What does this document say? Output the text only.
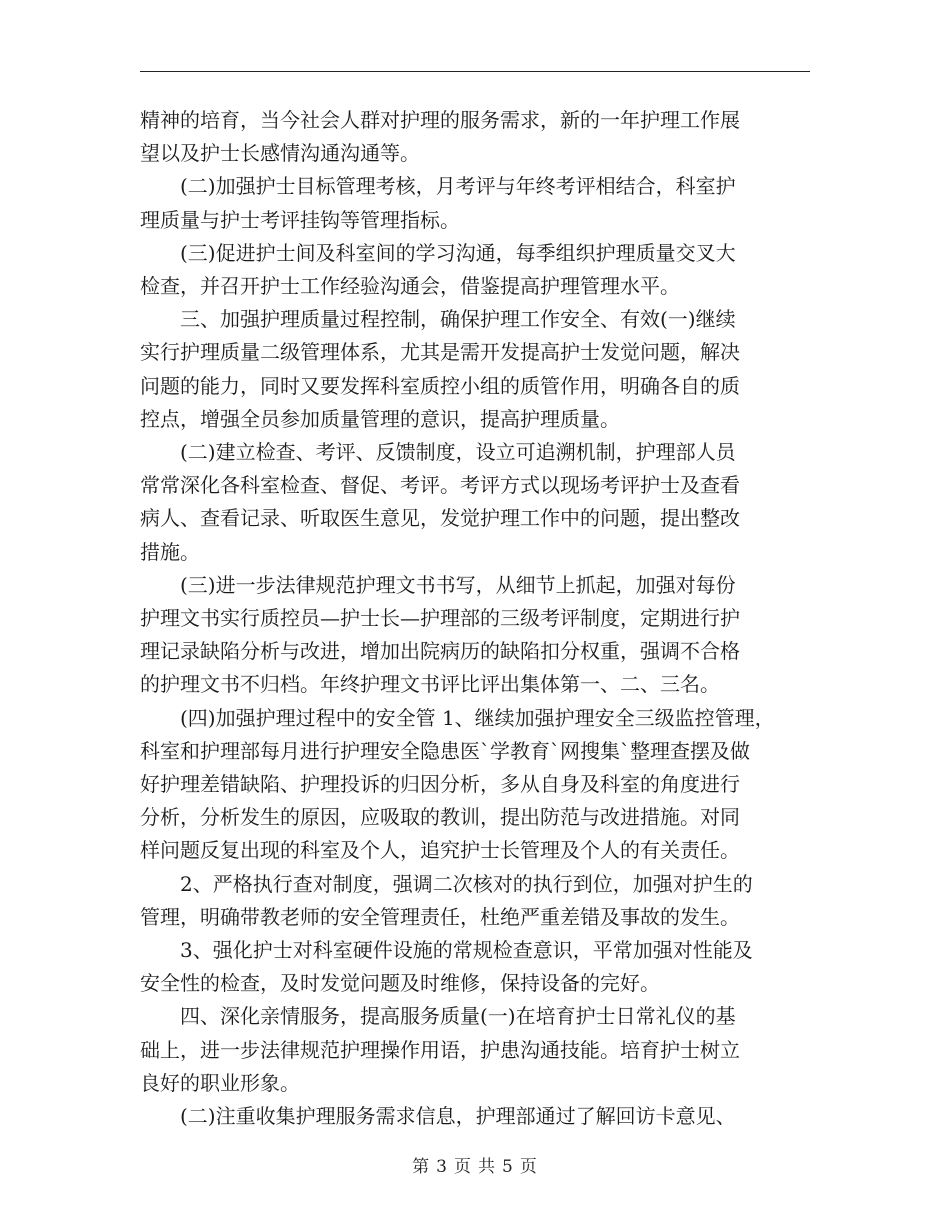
精神的培育，当今社会人群对护理的服务需求，新的一年护理工作展
望以及护士长感情沟通沟通等。

(二)加强护士目标管理考核，月考评与年终考评相结合，科室护
理质量与护士考评挂钩等管理指标。

(三)促进护士间及科室间的学习沟通，每季组织护理质量交叉大
检查，并召开护士工作经验沟通会，借鉴提高护理管理水平。

三、加强护理质量过程控制，确保护理工作安全、有效(一)继续
实行护理质量二级管理体系，尤其是需开发提高护士发觉问题，解决
问题的能力，同时又要发挥科室质控小组的质管作用，明确各自的质
控点，增强全员参加质量管理的意识，提高护理质量。

(二)建立检查、考评、反馈制度，设立可追溯机制，护理部人员
常常深化各科室检查、督促、考评。考评方式以现场考评护士及查看
病人、查看记录、听取医生意见，发觉护理工作中的问题，提出整改
措施。

(三)进一步法律规范护理文书书写，从细节上抓起，加强对每份
护理文书实行质控员—护士长—护理部的三级考评制度，定期进行护
理记录缺陷分析与改进，增加出院病历的缺陷扣分权重，强调不合格
的护理文书不归档。年终护理文书评比评出集体第一、二、三名。

(四)加强护理过程中的安全管 1、继续加强护理安全三级监控管理，
科室和护理部每月进行护理安全隐患医`学教育`网搜集`整理查摆及做
好护理差错缺陷、护理投诉的归因分析，多从自身及科室的角度进行
分析，分析发生的原因，应吸取的教训，提出防范与改进措施。对同
样问题反复出现的科室及个人，追究护士长管理及个人的有关责任。

2、严格执行查对制度，强调二次核对的执行到位，加强对护生的
管理，明确带教老师的安全管理责任，杜绝严重差错及事故的发生。

3、强化护士对科室硬件设施的常规检查意识，平常加强对性能及
安全性的检查，及时发觉问题及时维修，保持设备的完好。

四、深化亲情服务，提高服务质量(一)在培育护士日常礼仪的基
础上，进一步法律规范护理操作用语，护患沟通技能。培育护士树立
良好的职业形象。

(二)注重收集护理服务需求信息，护理部通过了解回访卡意见、

第 3 页 共 5 页
